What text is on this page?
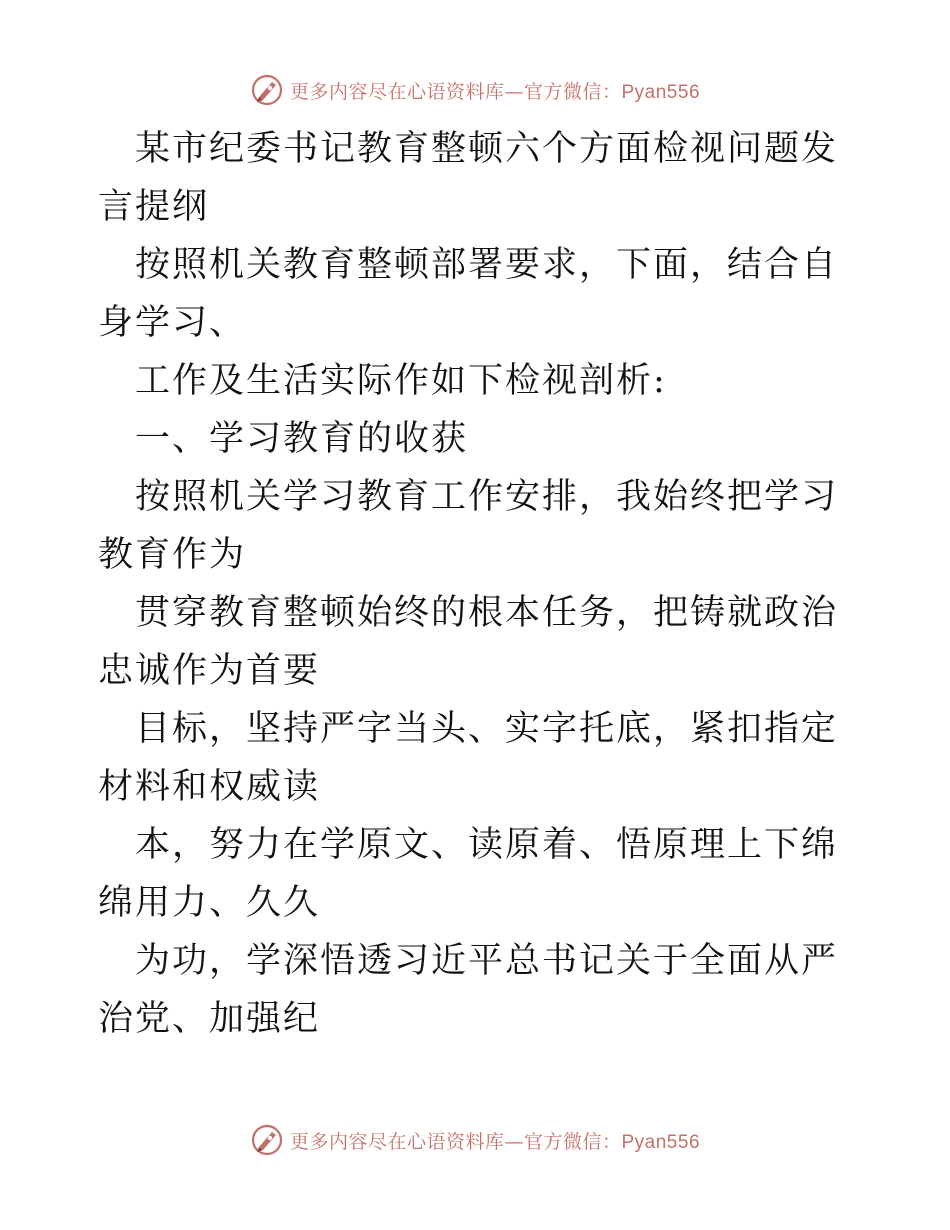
更多内容尽在心语资料库—官方微信：Pyan556

某市纪委书记教育整顿六个方面检视问题发言提纲

按照机关教育整顿部署要求，下面，结合自身学习、

工作及生活实际作如下检视剖析:

一、学习教育的收获

按照机关学习教育工作安排，我始终把学习教育作为

贯穿教育整顿始终的根本任务，把铸就政治忠诚作为首要

目标，坚持严字当头、实字托底，紧扣指定材料和权威读

本，努力在学原文、读原着、悟原理上下绵绵用力、久久

为功，学深悟透习近平总书记关于全面从严治党、加强纪

更多内容尽在心语资料库—官方微信：Pyan556
